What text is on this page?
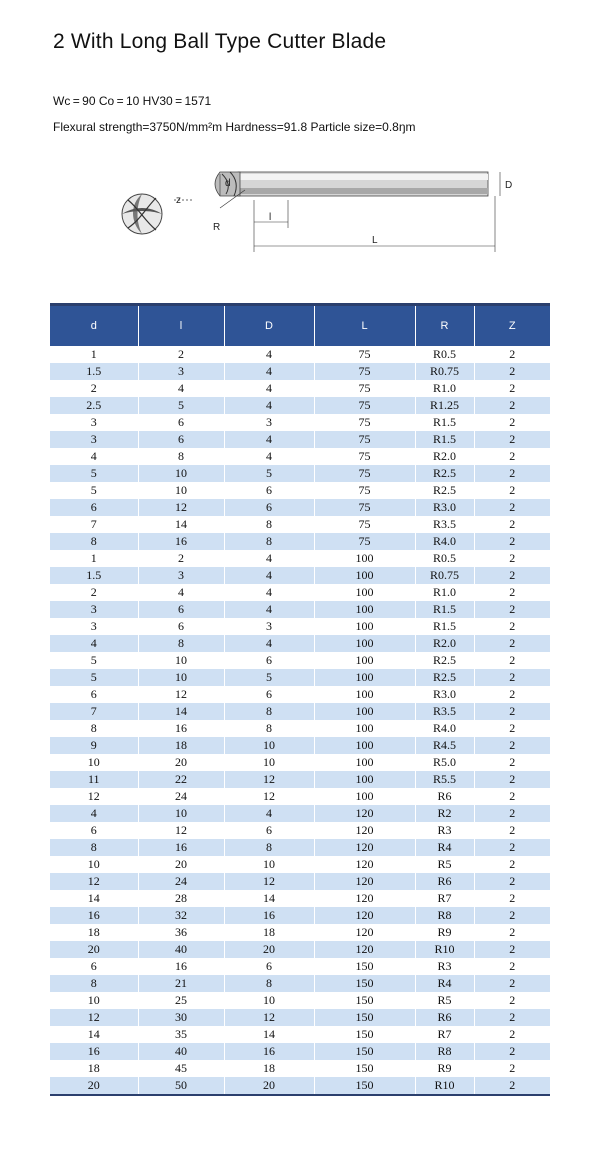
2 With Long Ball Type Cutter Blade
Wc = 90 Co = 10 HV30 = 1571
Flexural strength=3750N/mm²m Hardness=91.8 Particle size=0.8ŋm
z
d	D
R
l
L
d	l	D	L	R	Z
1	2	4	75	R0.5	2
1.5	3	4	75	R0.75	2
2	4	4	75	R1.0	2
2.5	5	4	75	R1.25	2
3	6	3	75	R1.5	2
3	6	4	75	R1.5	2
4	8	4	75	R2.0	2
5	10	5	75	R2.5	2
5	10	6	75	R2.5	2
6	12	6	75	R3.0	2
7	14	8	75	R3.5	2
8	16	8	75	R4.0	2
1	2	4	100	R0.5	2
1.5	3	4	100	R0.75	2
2	4	4	100	R1.0	2
3	6	4	100	R1.5	2
3	6	3	100	R1.5	2
4	8	4	100	R2.0	2
5	10	6	100	R2.5	2
5	10	5	100	R2.5	2
6	12	6	100	R3.0	2
7	14	8	100	R3.5	2
8	16	8	100	R4.0	2
9	18	10	100	R4.5	2
10	20	10	100	R5.0	2
11	22	12	100	R5.5	2
12	24	12	100	R6	2
4	10	4	120	R2	2
6	12	6	120	R3	2
8	16	8	120	R4	2
10	20	10	120	R5	2
12	24	12	120	R6	2
14	28	14	120	R7	2
16	32	16	120	R8	2
18	36	18	120	R9	2
20	40	20	120	R10	2
6	16	6	150	R3	2
8	21	8	150	R4	2
10	25	10	150	R5	2
12	30	12	150	R6	2
14	35	14	150	R7	2
16	40	16	150	R8	2
18	45	18	150	R9	2
20	50	20	150	R10	2
